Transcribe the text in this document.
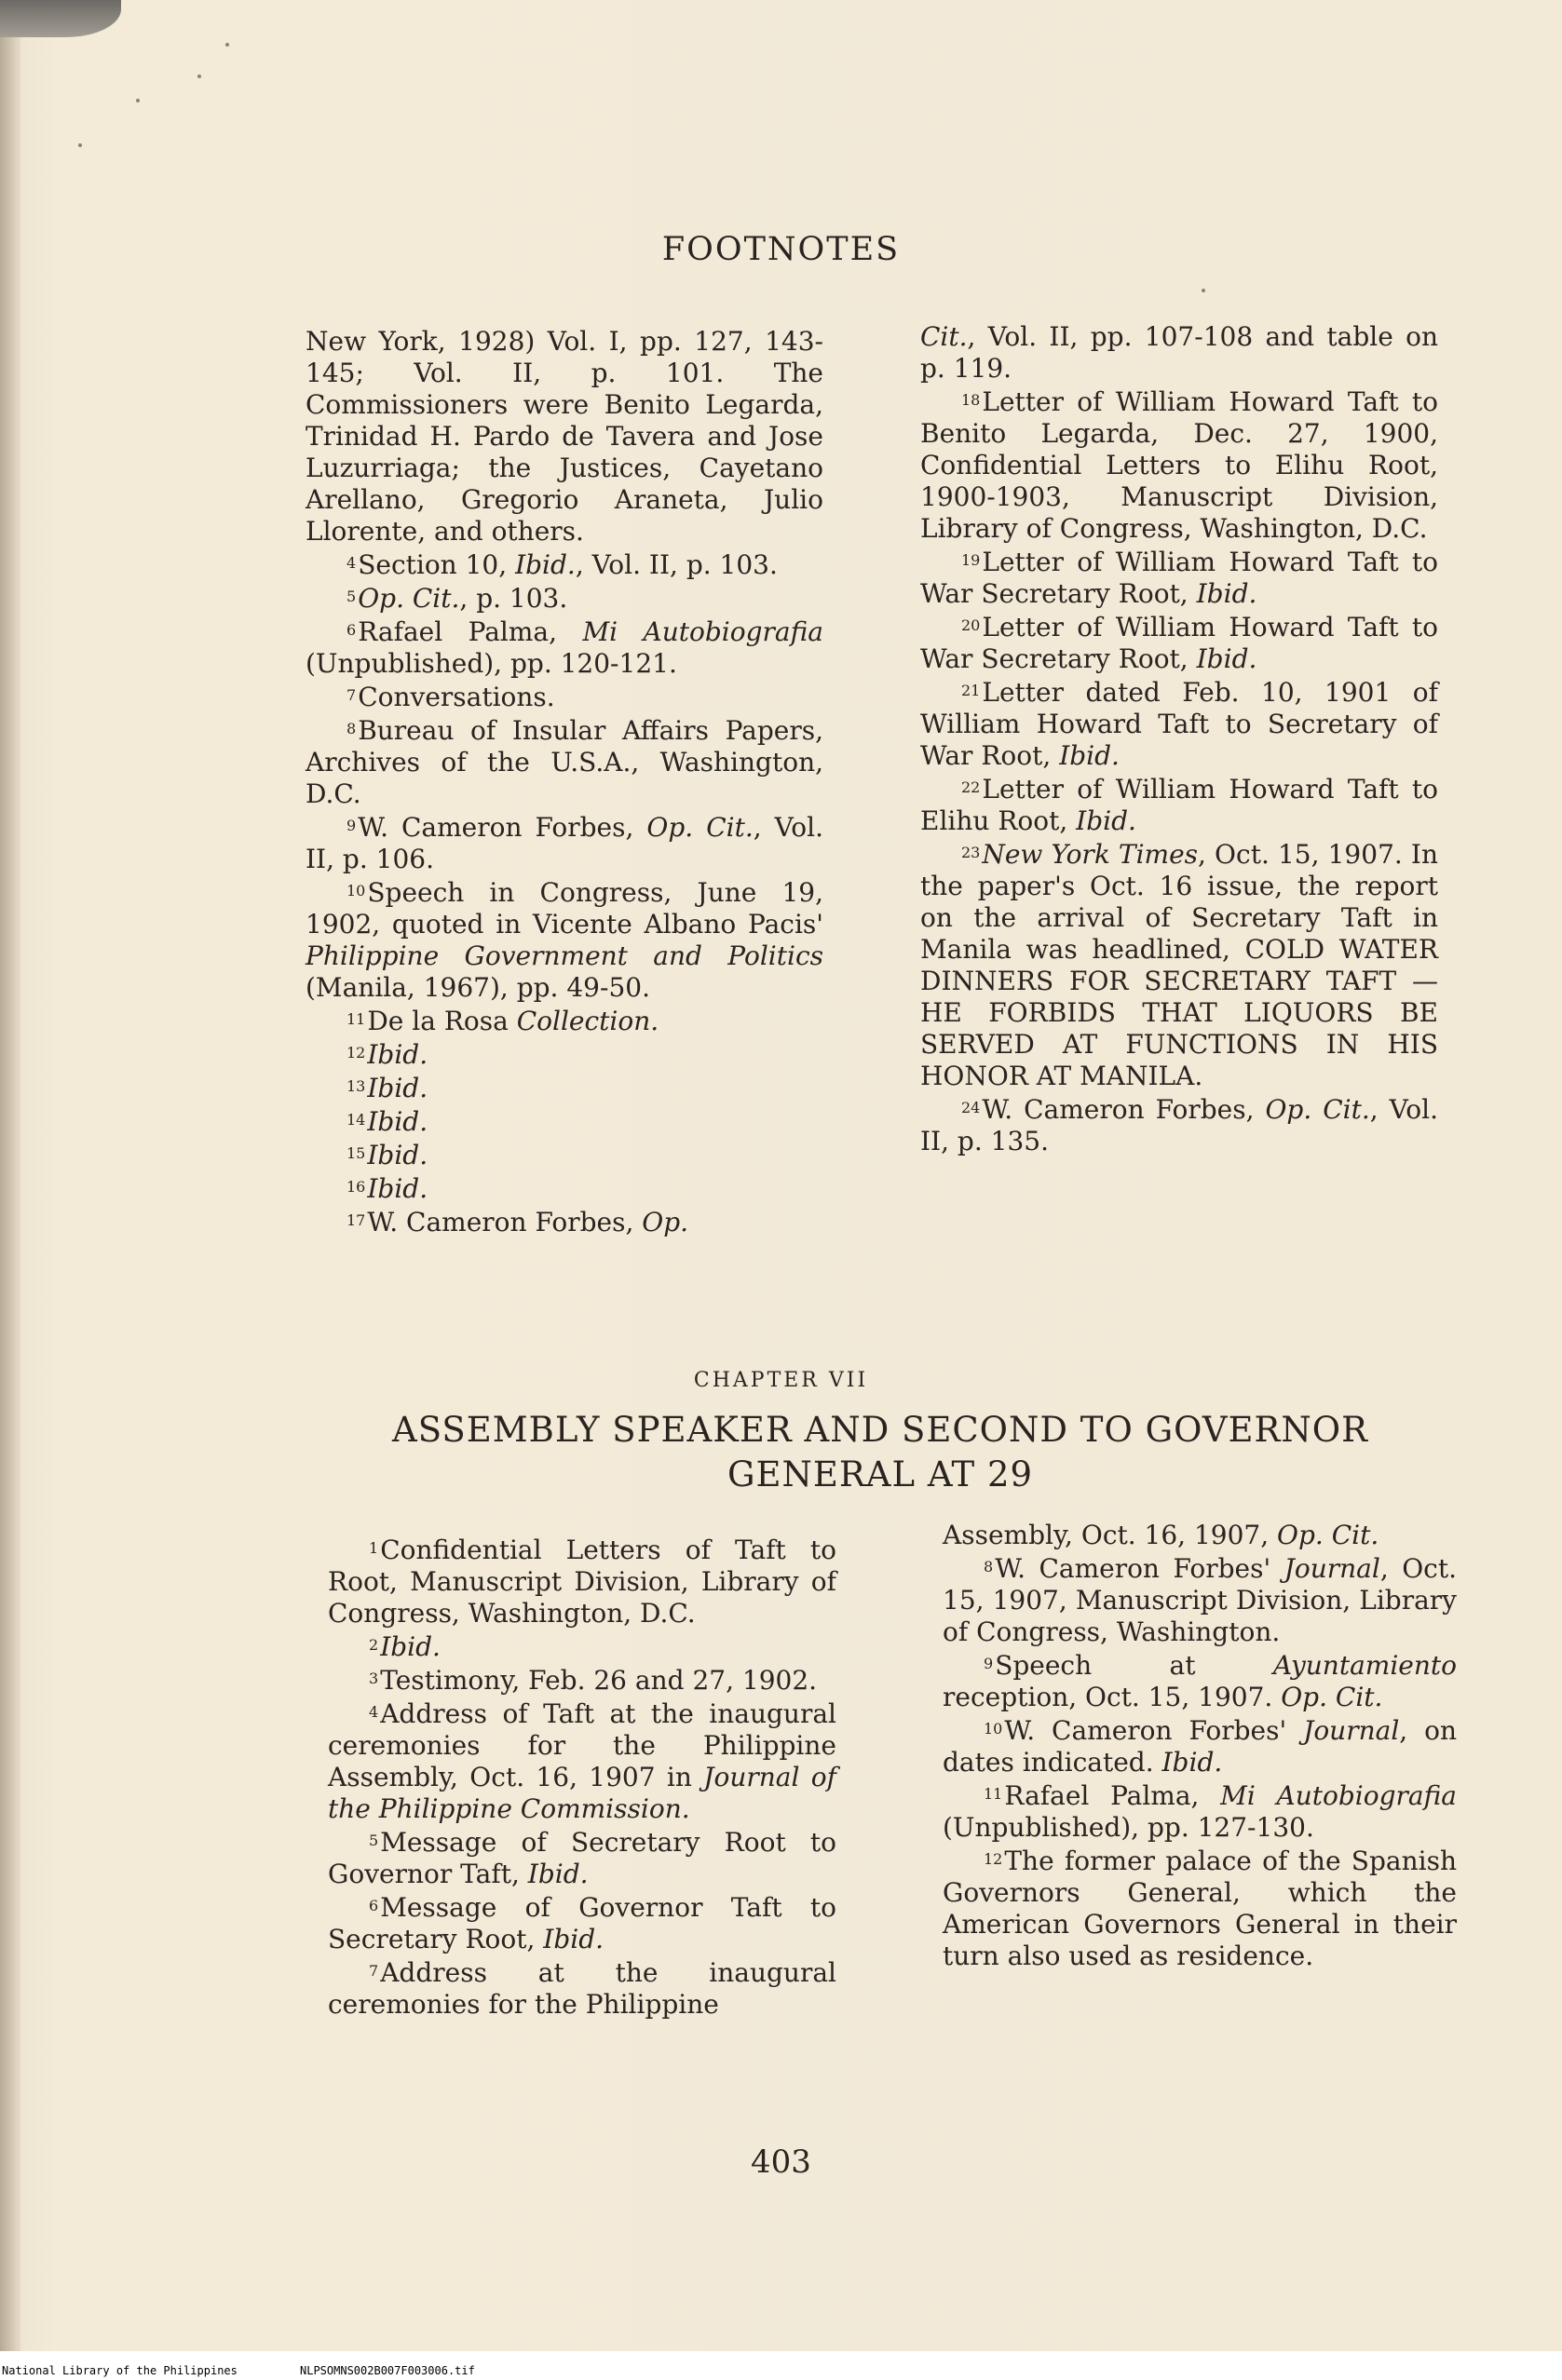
FOOTNOTES

New York, 1928) Vol. I, pp. 127, 143-145; Vol. II, p. 101. The Commissioners were Benito Legarda, Trinidad H. Pardo de Tavera and Jose Luzurriaga; the Justices, Cayetano Arellano, Gregorio Araneta, Julio Llorente, and others.

$^4$Section 10, Ibid., Vol. II, p. 103.

$^5$Op. Cit., p. 103.

$^6$Rafael Palma, Mi Autobiografia (Unpublished), pp. 120-121.

$^7$Conversations.

$^8$Bureau of Insular Affairs Papers, Archives of the U.S.A., Washington, D.C.

$^9$W. Cameron Forbes, Op. Cit., Vol. II, p. 106.

$^{10}$Speech in Congress, June 19, 1902, quoted in Vicente Albano Pacis' Philippine Government and Politics (Manila, 1967), pp. 49-50.

$^{11}$De la Rosa Collection.

$^{12}$Ibid.

$^{13}$Ibid.

$^{14}$Ibid.

$^{15}$Ibid.

$^{16}$Ibid.

$^{17}$W. Cameron Forbes, Op.

Cit., Vol. II, pp. 107-108 and table on p. 119.

$^{18}$Letter of William Howard Taft to Benito Legarda, Dec. 27, 1900, Confidential Letters to Elihu Root, 1900-1903, Manuscript Division, Library of Congress, Washington, D.C.

$^{19}$Letter of William Howard Taft to War Secretary Root, Ibid.

$^{20}$Letter of William Howard Taft to War Secretary Root, Ibid.

$^{21}$Letter dated Feb. 10, 1901 of William Howard Taft to Secretary of War Root, Ibid.

$^{22}$Letter of William Howard Taft to Elihu Root, Ibid.

$^{23}$New York Times, Oct. 15, 1907. In the paper's Oct. 16 issue, the report on the arrival of Secretary Taft in Manila was headlined, COLD WATER DINNERS FOR SECRETARY TAFT — HE FORBIDS THAT LIQUORS BE SERVED AT FUNCTIONS IN HIS HONOR AT MANILA.

$^{24}$W. Cameron Forbes, Op. Cit., Vol. II, p. 135.

CHAPTER VII
ASSEMBLY SPEAKER AND SECOND TO GOVERNOR
GENERAL AT 29

$^1$Confidential Letters of Taft to Root, Manuscript Division, Library of Congress, Washington, D.C.

$^2$Ibid.

$^3$Testimony, Feb. 26 and 27, 1902.

$^4$Address of Taft at the inaugural ceremonies for the Philippine Assembly, Oct. 16, 1907 in Journal of the Philippine Commission.

$^5$Message of Secretary Root to Governor Taft, Ibid.

$^6$Message of Governor Taft to Secretary Root, Ibid.

$^7$Address at the inaugural ceremonies for the Philippine

Assembly, Oct. 16, 1907, Op. Cit.

$^8$W. Cameron Forbes' Journal, Oct. 15, 1907, Manuscript Division, Library of Congress, Washington.

$^9$Speech at Ayuntamiento reception, Oct. 15, 1907. Op. Cit.

$^{10}$W. Cameron Forbes' Journal, on dates indicated. Ibid.

$^{11}$Rafael Palma, Mi Autobiografia (Unpublished), pp. 127-130.

$^{12}$The former palace of the Spanish Governors General, which the American Governors General in their turn also used as residence.

403
National Library of the Philippines	NLPSOMNS002B007F003006.tif
